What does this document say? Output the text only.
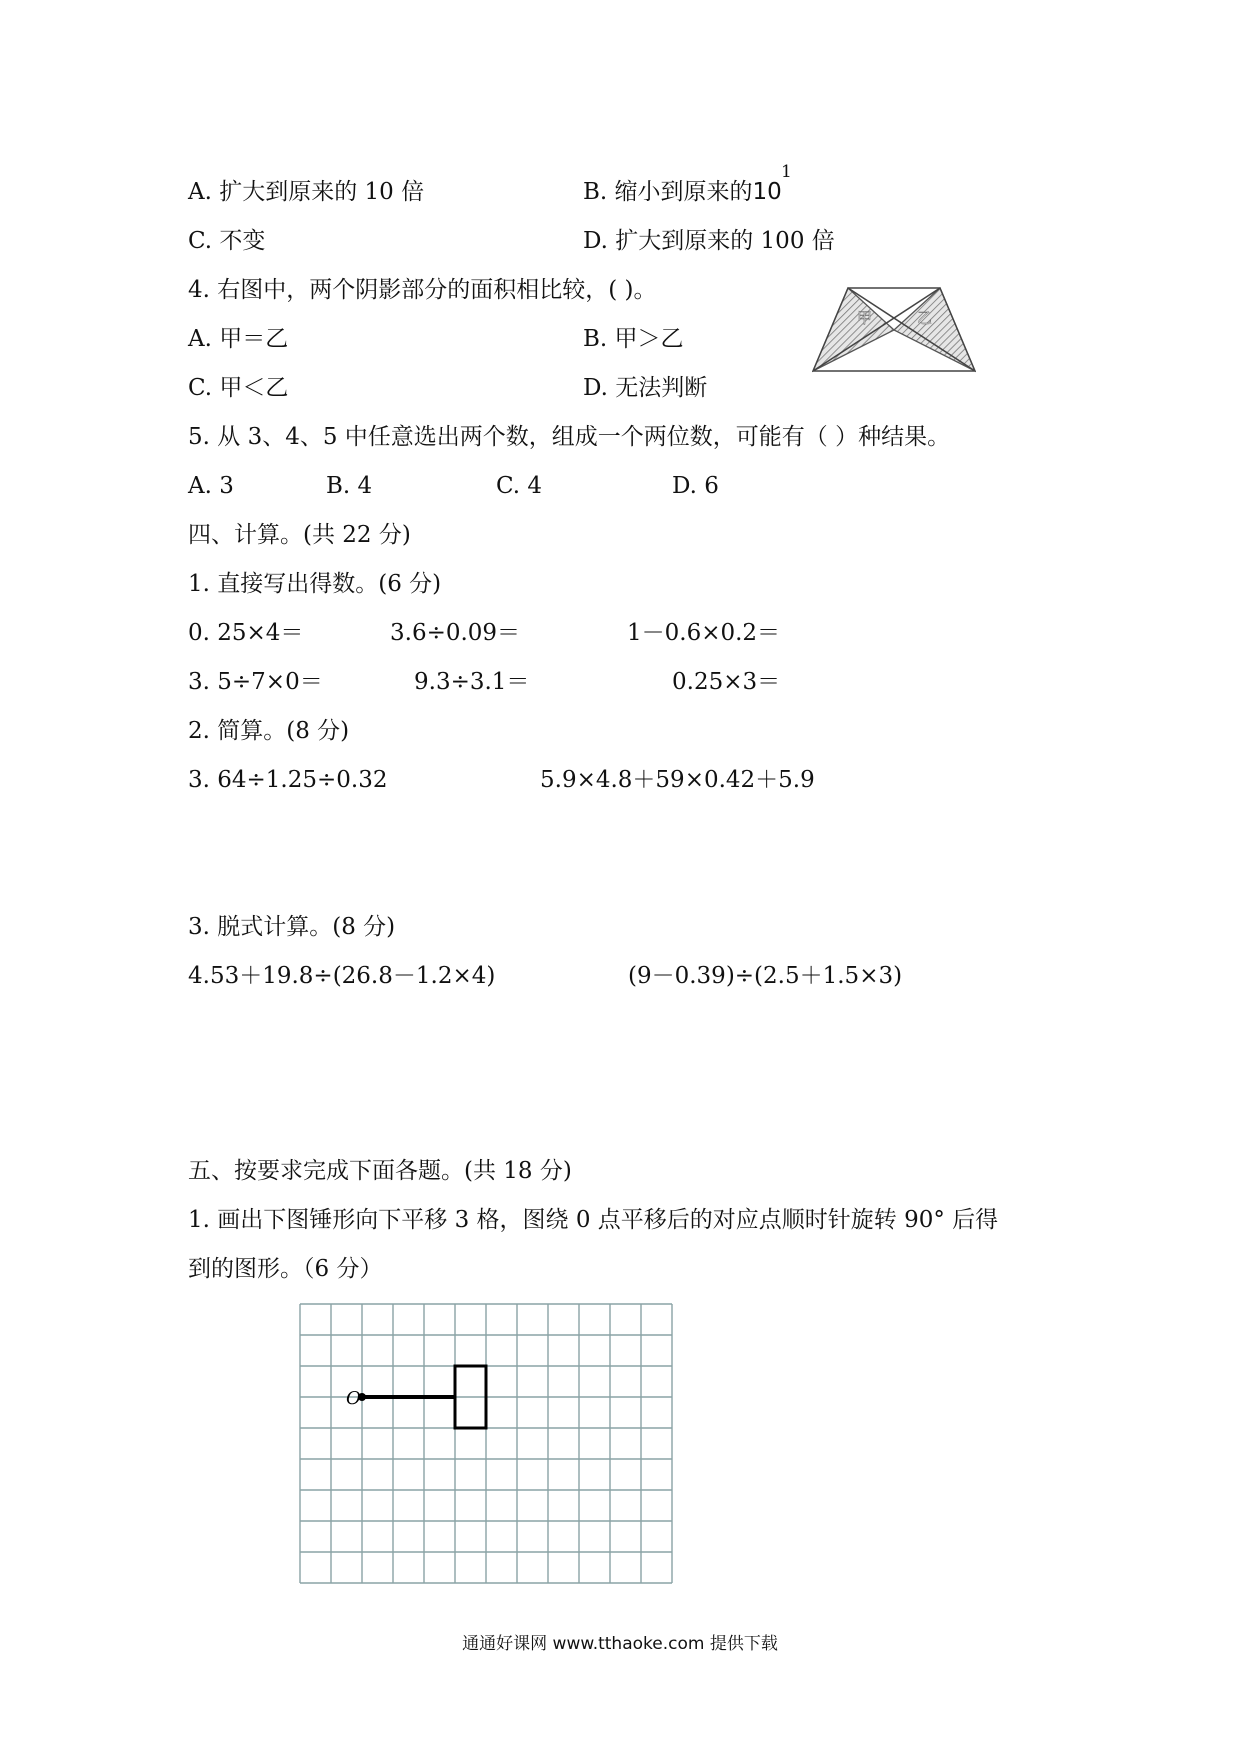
A. 扩大到原来的 10 倍	B. 缩小到原来的10
1
C. 不变	D. 扩大到原来的 100 倍
4. 右图中，两个阴影部分的面积相比较，( )。
A. 甲＝乙	B. 甲＞乙
C. 甲＜乙	D. 无法判断
甲	乙
5. 从 3、4、5 中任意选出两个数，组成一个两位数，可能有（ ）种结果。
A. 3	B. 4	C. 4	D. 6
四、计算。(共 22 分)
1. 直接写出得数。(6 分)
0. 25×4＝	3.6÷0.09＝	1－0.6×0.2＝
3. 5÷7×0＝	9.3÷3.1＝	0.25×3＝
2. 简算。(8 分)
3. 64÷1.25÷0.32	5.9×4.8＋59×0.42＋5.9
3. 脱式计算。(8 分)
4.53＋19.8÷(26.8－1.2×4)	(9－0.39)÷(2.5＋1.5×3)
五、按要求完成下面各题。(共 18 分)
1. 画出下图锤形向下平移 3 格，图绕 0 点平移后的对应点顺时针旋转 90° 后得
到的图形。（6 分）
O
通通好课网 www.tthaoke.com 提供下载
